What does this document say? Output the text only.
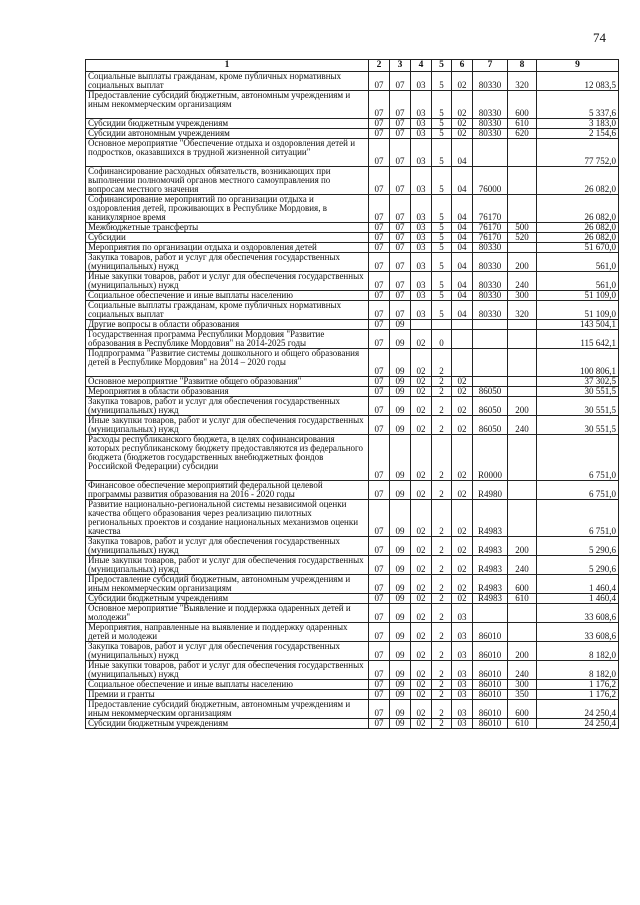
74
1	2	3	4	5	6	7	8	9
Социальные выплаты гражданам, кроме публичных нормативных социальных выплат	07	07	03	5	02	80330	320	12 083,5
Предоставление субсидий бюджетным, автономным учреждениям и иным некоммерческим организациям	07	07	03	5	02	80330	600	5 337,6
Субсидии бюджетным учреждениям	07	07	03	5	02	80330	610	3 183,0
Субсидии автономным учреждениям	07	07	03	5	02	80330	620	2 154,6
Основное мероприятие "Обеспечение отдыха и оздоровления детей и подростков, оказавшихся в трудной жизненной ситуации"	07	07	03	5	04			77 752,0
Софинансирование расходных обязательств, возникающих при выполнении полномочий органов местного самоуправления по вопросам местного значения	07	07	03	5	04	76000		26 082,0
Софинансирование мероприятий по организации отдыха и оздоровления детей, проживающих в Республике Мордовия, в каникулярное время	07	07	03	5	04	76170		26 082,0
Межбюджетные трансферты	07	07	03	5	04	76170	500	26 082,0
Субсидии	07	07	03	5	04	76170	520	26 082,0
Мероприятия по организации отдыха и оздоровления детей	07	07	03	5	04	80330		51 670,0
Закупка товаров, работ и услуг для обеспечения государственных (муниципальных) нужд	07	07	03	5	04	80330	200	561,0
Иные закупки товаров, работ и услуг для обеспечения государственных (муниципальных) нужд	07	07	03	5	04	80330	240	561,0
Социальное обеспечение и иные выплаты населению	07	07	03	5	04	80330	300	51 109,0
Социальные выплаты гражданам, кроме публичных нормативных социальных выплат	07	07	03	5	04	80330	320	51 109,0
Другие вопросы в области образования	07	09						143 504,1
Государственная программа Республики Мордовия "Развитие образования в Республике Мордовия" на 2014-2025 годы	07	09	02	0				115 642,1
Подпрограмма "Развитие системы дошкольного и общего образования детей в Республике Мордовия" на 2014 – 2020 годы	07	09	02	2				100 806,1
Основное мероприятие "Развитие общего образования"	07	09	02	2	02			37 302,5
Мероприятия в области образования	07	09	02	2	02	86050		30 551,5
Закупка товаров, работ и услуг для обеспечения государственных (муниципальных) нужд	07	09	02	2	02	86050	200	30 551,5
Иные закупки товаров, работ и услуг для обеспечения государственных (муниципальных) нужд	07	09	02	2	02	86050	240	30 551,5
Расходы республиканского бюджета, в целях софинансирования которых республиканскому бюджету предоставляются из федерального бюджета (бюджетов государственных внебюджетных фондов Российской Федерации) субсидии	07	09	02	2	02	R0000		6 751,0
Финансовое обеспечение мероприятий федеральной целевой программы развития образования на 2016 - 2020 годы	07	09	02	2	02	R4980		6 751,0
Развитие национально-региональной системы независимой оценки качества общего образования через реализацию пилотных региональных проектов и создание национальных механизмов оценки качества	07	09	02	2	02	R4983		6 751,0
Закупка товаров, работ и услуг для обеспечения государственных (муниципальных) нужд	07	09	02	2	02	R4983	200	5 290,6
Иные закупки товаров, работ и услуг для обеспечения государственных (муниципальных) нужд	07	09	02	2	02	R4983	240	5 290,6
Предоставление субсидий бюджетным, автономным учреждениям и иным некоммерческим организациям	07	09	02	2	02	R4983	600	1 460,4
Субсидии бюджетным учреждениям	07	09	02	2	02	R4983	610	1 460,4
Основное мероприятие "Выявление и поддержка одаренных детей и молодежи"	07	09	02	2	03			33 608,6
Мероприятия, направленные на выявление и поддержку одаренных детей и молодежи	07	09	02	2	03	86010		33 608,6
Закупка товаров, работ и услуг для обеспечения государственных (муниципальных) нужд	07	09	02	2	03	86010	200	8 182,0
Иные закупки товаров, работ и услуг для обеспечения государственных (муниципальных) нужд	07	09	02	2	03	86010	240	8 182,0
Социальное обеспечение и иные выплаты населению	07	09	02	2	03	86010	300	1 176,2
Премии и гранты	07	09	02	2	03	86010	350	1 176,2
Предоставление субсидий бюджетным, автономным учреждениям и иным некоммерческим организациям	07	09	02	2	03	86010	600	24 250,4
Субсидии бюджетным учреждениям	07	09	02	2	03	86010	610	24 250,4
